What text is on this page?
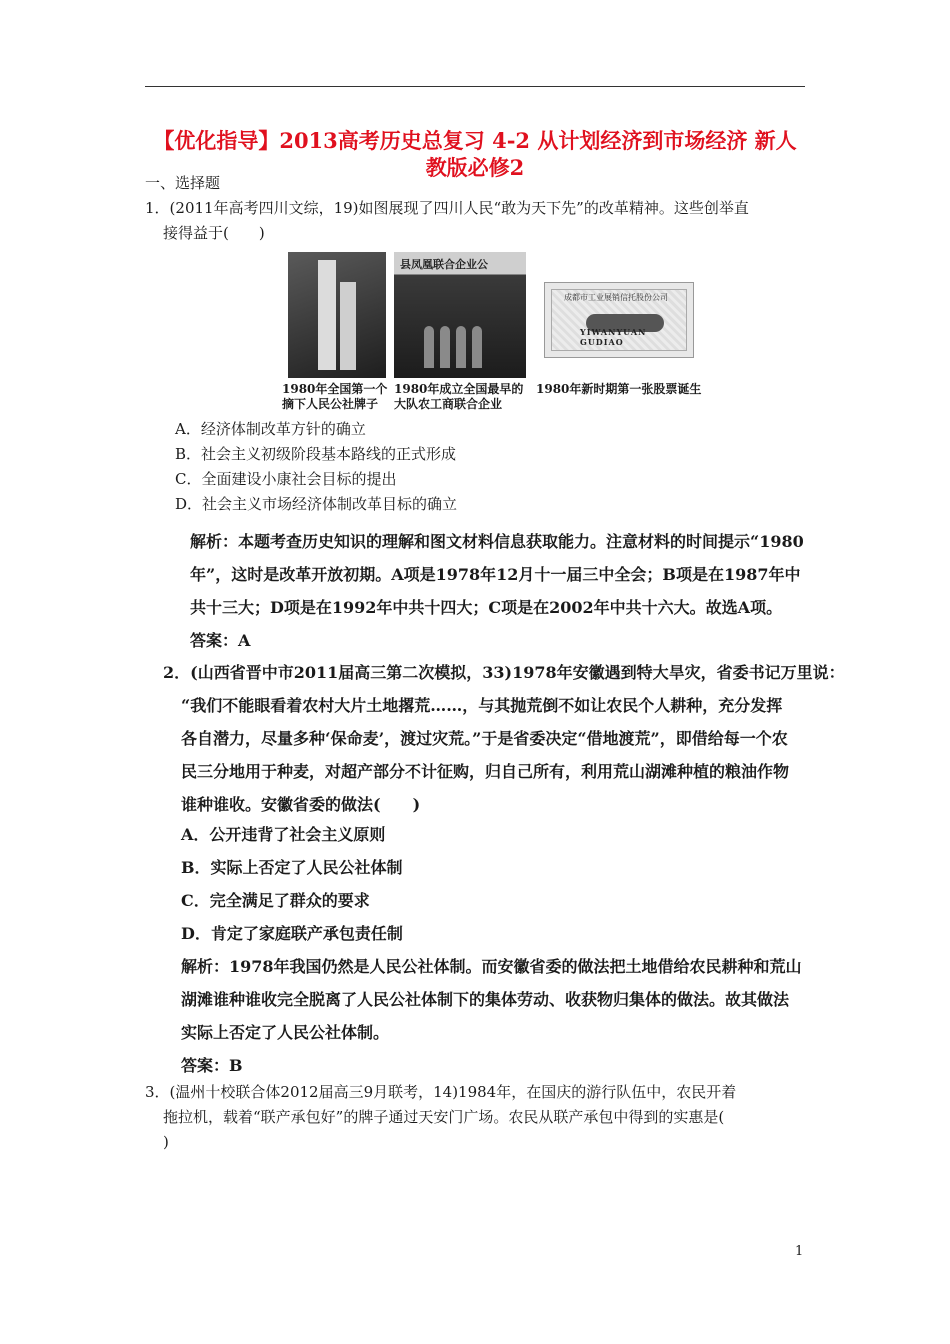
【优化指导】2013高考历史总复习 4-2 从计划经济到市场经济 新人
教版必修2
一、选择题
1．(2011年高考四川文综，19)如图展现了四川人民“敢为天下先”的改革精神。这些创举直
接得益于(　　)
县凤凰联合企业公
成都市工业展销信托股份公司
YIWANYUAN GUDIAO
1980年全国第一个
摘下人民公社牌子
1980年成立全国最早的
大队农工商联合企业
1980年新时期第一张股票诞生
A．经济体制改革方针的确立
B．社会主义初级阶段基本路线的正式形成
C．全面建设小康社会目标的提出
D．社会主义市场经济体制改革目标的确立
解析：本题考查历史知识的理解和图文材料信息获取能力。注意材料的时间提示“1980
年”，这时是改革开放初期。A项是1978年12月十一届三中全会；B项是在1987年中
共十三大；D项是在1992年中共十四大；C项是在2002年中共十六大。故选A项。
答案：A
2．(山西省晋中市2011届高三第二次模拟，33)1978年安徽遇到特大旱灾，省委书记万里说：
“我们不能眼看着农村大片土地撂荒……，与其抛荒倒不如让农民个人耕种，充分发挥
各自潜力，尽量多种‘保命麦’，渡过灾荒。”于是省委决定“借地渡荒”，即借给每一个农
民三分地用于种麦，对超产部分不计征购，归自己所有，利用荒山湖滩种植的粮油作物
谁种谁收。安徽省委的做法(　　)
A．公开违背了社会主义原则
B．实际上否定了人民公社体制
C．完全满足了群众的要求
D．肯定了家庭联产承包责任制
解析：1978年我国仍然是人民公社体制。而安徽省委的做法把土地借给农民耕种和荒山
湖滩谁种谁收完全脱离了人民公社体制下的集体劳动、收获物归集体的做法。故其做法
实际上否定了人民公社体制。
答案：B
3．(温州十校联合体2012届高三9月联考，14)1984年，在国庆的游行队伍中，农民开着
拖拉机，载着“联产承包好”的牌子通过天安门广场。农民从联产承包中得到的实惠是(
)
1
